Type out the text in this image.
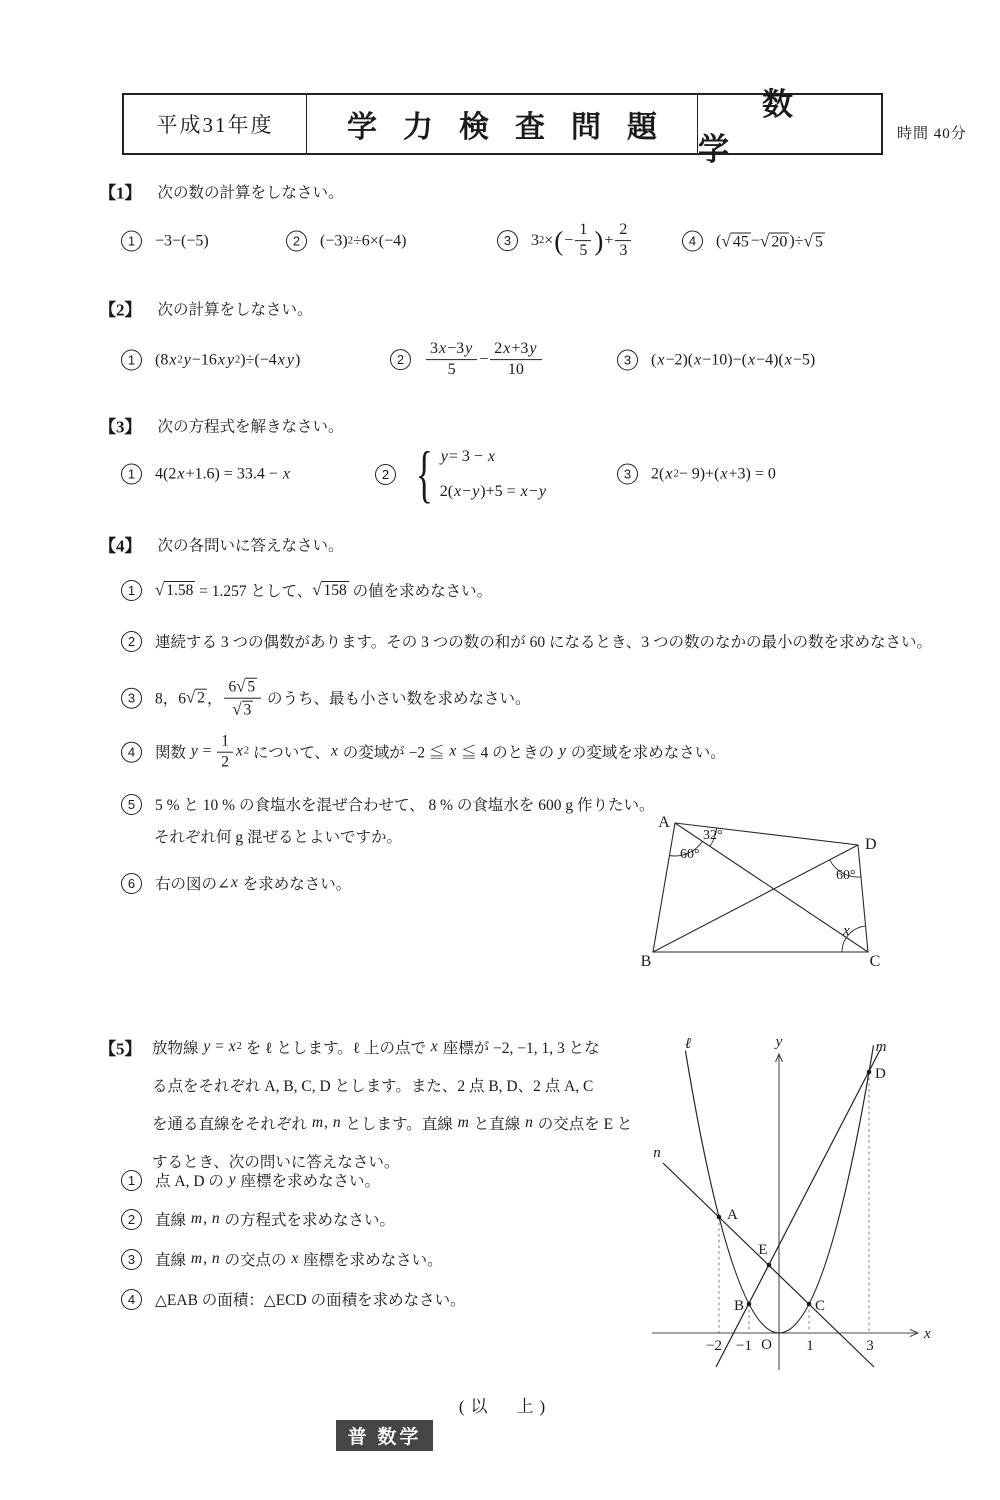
平成31年度	学力検査問題
数学	時間 40分
【1】 次の数の計算をしなさい。
1	−3−(−5)	2	(−3) 2 ÷6×(−4)	3	3 2 × ( − $\frac{1}{5}$ ) + $\frac{2}{3}$	4	( √ 45 − √ 20 )÷ √ 5
【2】 次の計算をしなさい。
1	(8 x 2 y −16 x y 2 )÷(−4 x y )	2
3x−3y
5
− $\frac{2x+3y}{10}$	3	( x −2)( x −10)−( x −4)( x −5)
【3】 次の方程式を解きなさい。
1	4(2 x +1.6) = 33.4 − x	2 { y= 3 − x
2(x−y)+5 = x−y
3	2( x 2 − 9)+( x +3) = 0
【4】 次の各問いに答えなさい。
1	√ 1.58 = 1.257 として、 √ 158 の値を求めなさい。
2	連続する 3 つの偶数があります。その 3 つの数の和が 60 になるとき、3 つの数のなかの最小の数を求めなさい。
3	8，6 √ 2 ，
6 √ 5
√ 3
のうち、最も小さい数を求めなさい。
4	関数 $y = \frac{1}{2}$ x 2 について、 x の変域が −2 ≦ x ≦ 4 のときの y の変域を求めなさい。
5	5 % と 10 % の食塩水を混ぜ合わせて、 8 % の食塩水を 600 g 作りたい。
それぞれ何 g 混ぜるとよいですか。
6	右の図の∠ x を求めなさい。
A
B	C
D
32°
60°
60°
x
【5】 放物線 y = x 2 を ℓ とします。ℓ 上の点で x 座標が −2, −1, 1, 3 とな
る点をそれぞれ A, B, C, D とします。また、2 点 B, D、2 点 A, C
を通る直線をそれぞれ m , n とします。直線 m と直線 n の交点を E と
するとき、次の問いに答えなさい。
1	点 A, D の y 座標を求めなさい。
2	直線 m , n の方程式を求めなさい。
3	直線 m , n の交点の x 座標を求めなさい。
4	△EAB の面積：△ECD の面積を求めなさい。
ℓ	m
n
A
B	C
D
E
O
−2 −1	1	3
x
y
(以　上)
普 数学
